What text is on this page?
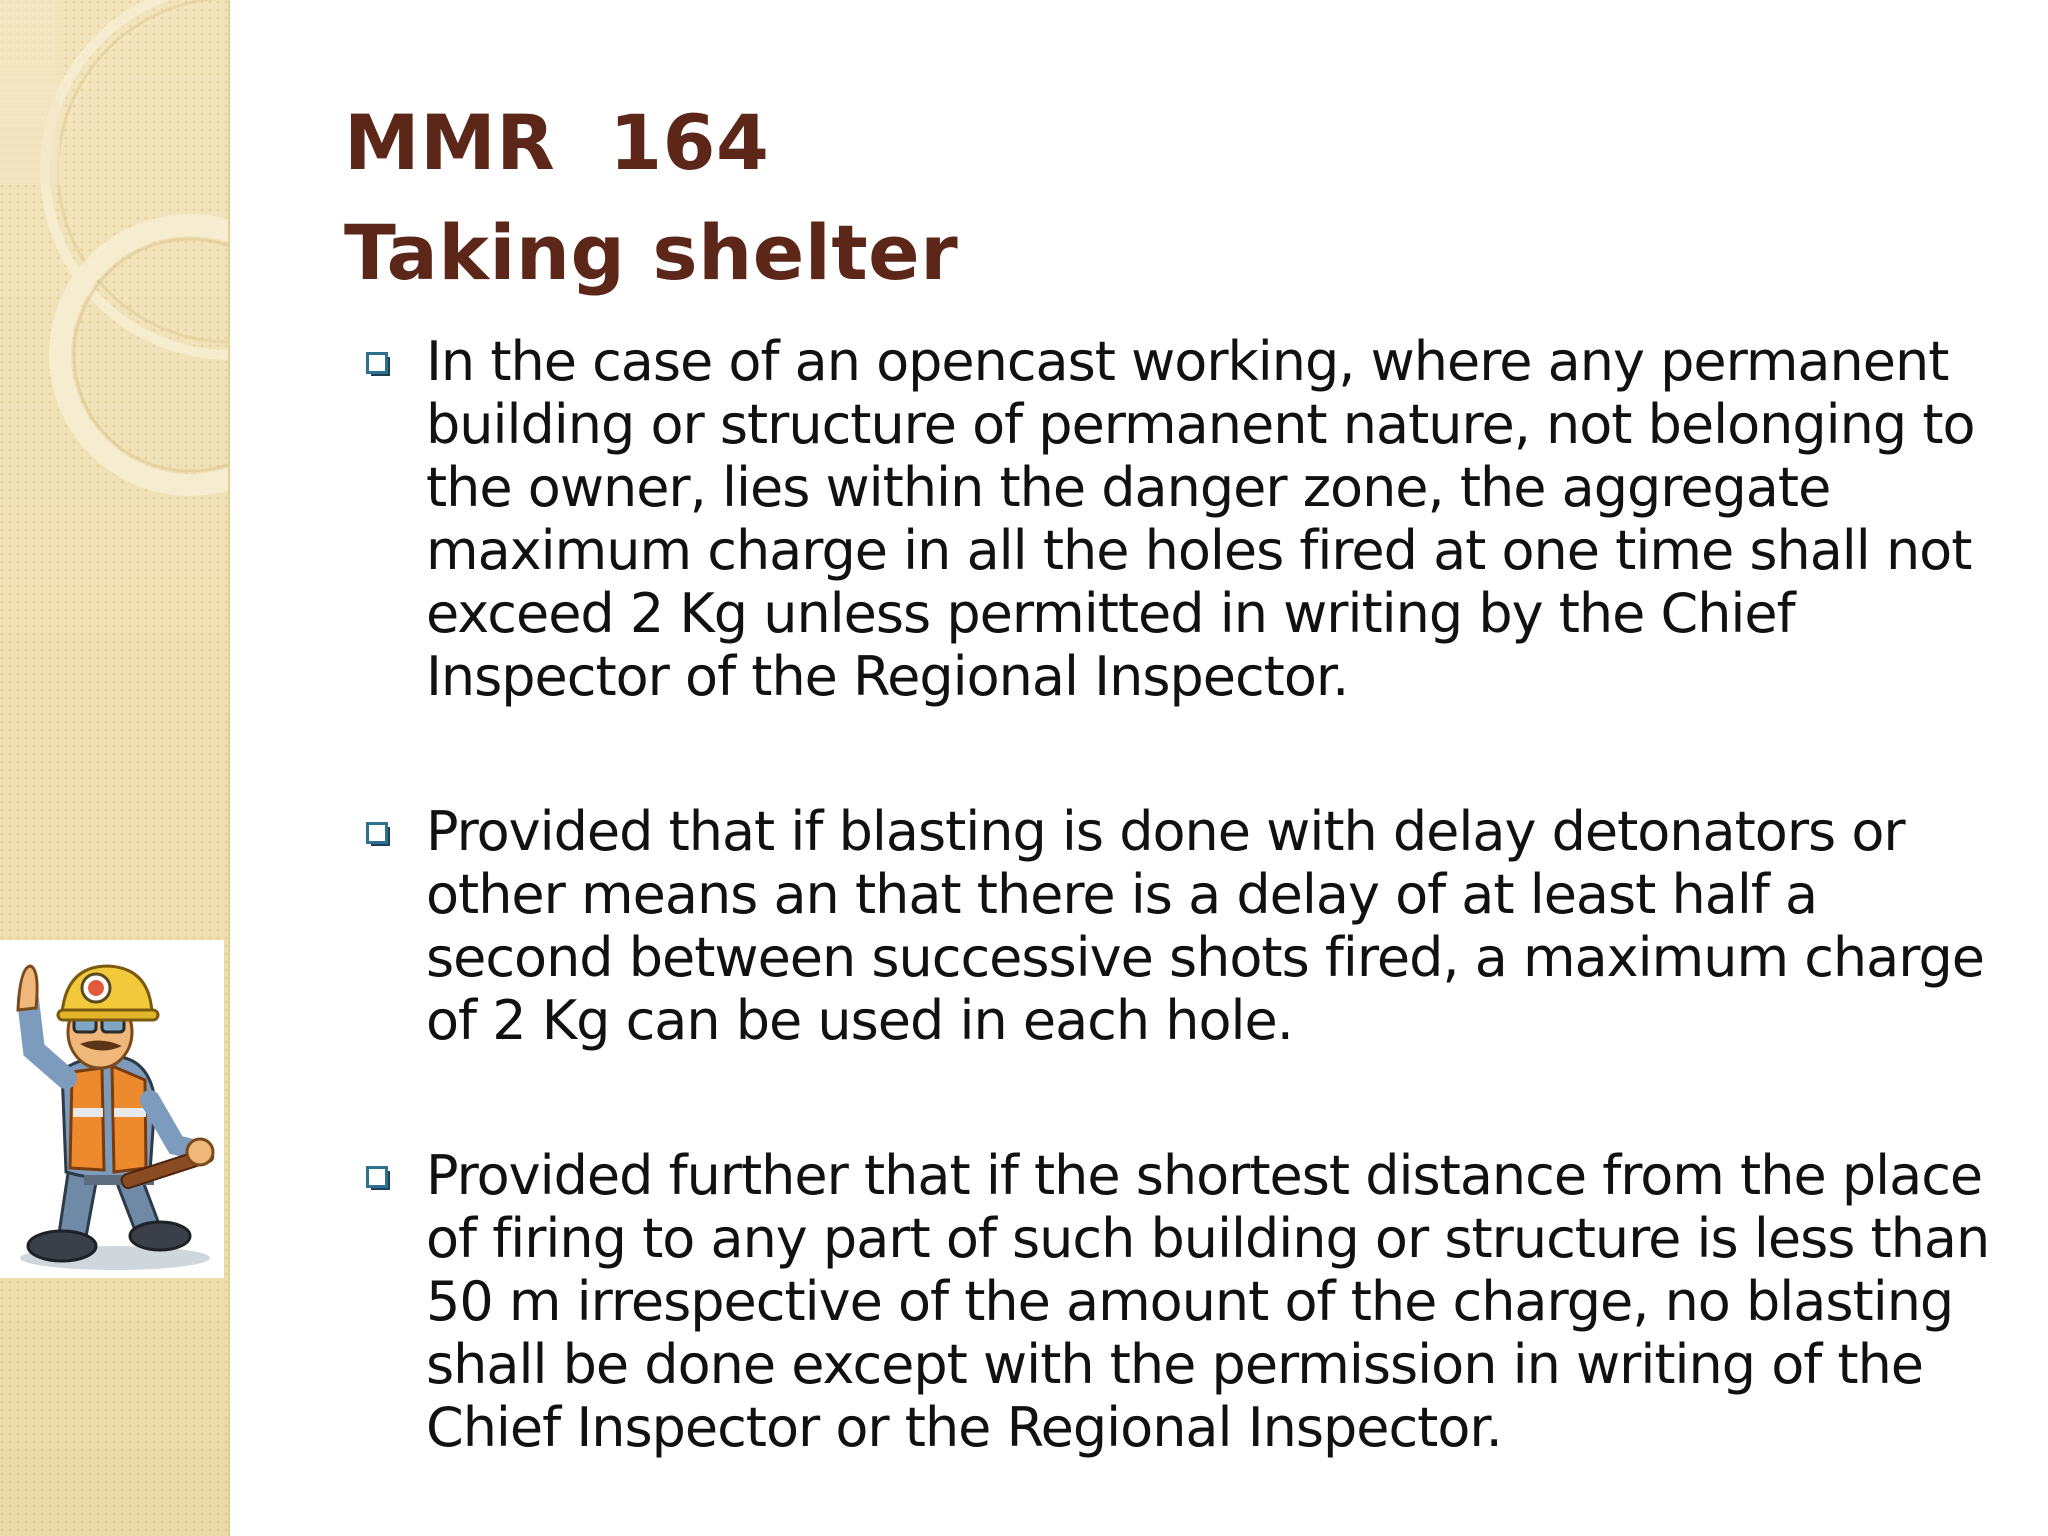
MMR  164
Taking shelter
In the case of an opencast working, where any permanent building or structure of permanent nature, not belonging to the owner, lies within the danger zone, the aggregate maximum charge in all the holes fired at one time shall not exceed 2 Kg unless permitted in writing by the Chief Inspector of the Regional Inspector.
Provided that if blasting is done with delay detonators or other means an that there is a delay of at least half a second between successive shots fired, a maximum charge of 2 Kg can be used in each hole.
Provided further that if the shortest distance from the place of firing to any part of such building or structure is less than 50 m irrespective of the amount of the charge, no blasting shall be done except with the permission in writing of the Chief Inspector or the Regional Inspector.
